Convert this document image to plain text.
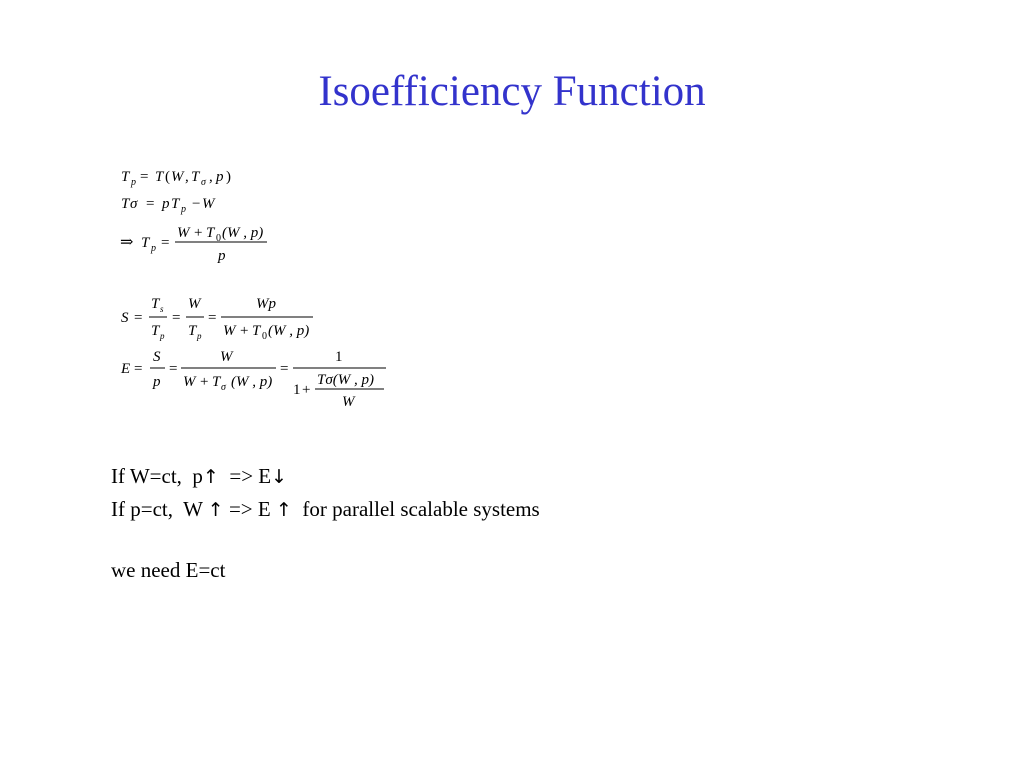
Isoefficiency Function
T p = T ( W , T σ , p )
T σ = p T p − W
⇒ T p =
W + T 0 (W , p)
p
S =
T s
T p
=
W
T p
=
Wp
W + T 0 (W , p)
E =
S
p
=
W
W + T σ (W , p)
=
1
1 +
Tσ(W , p)
W
If W=ct,  p↑  => E↓
If p=ct,  W ↑ => E ↑  for parallel scalable systems
we need E=ct
